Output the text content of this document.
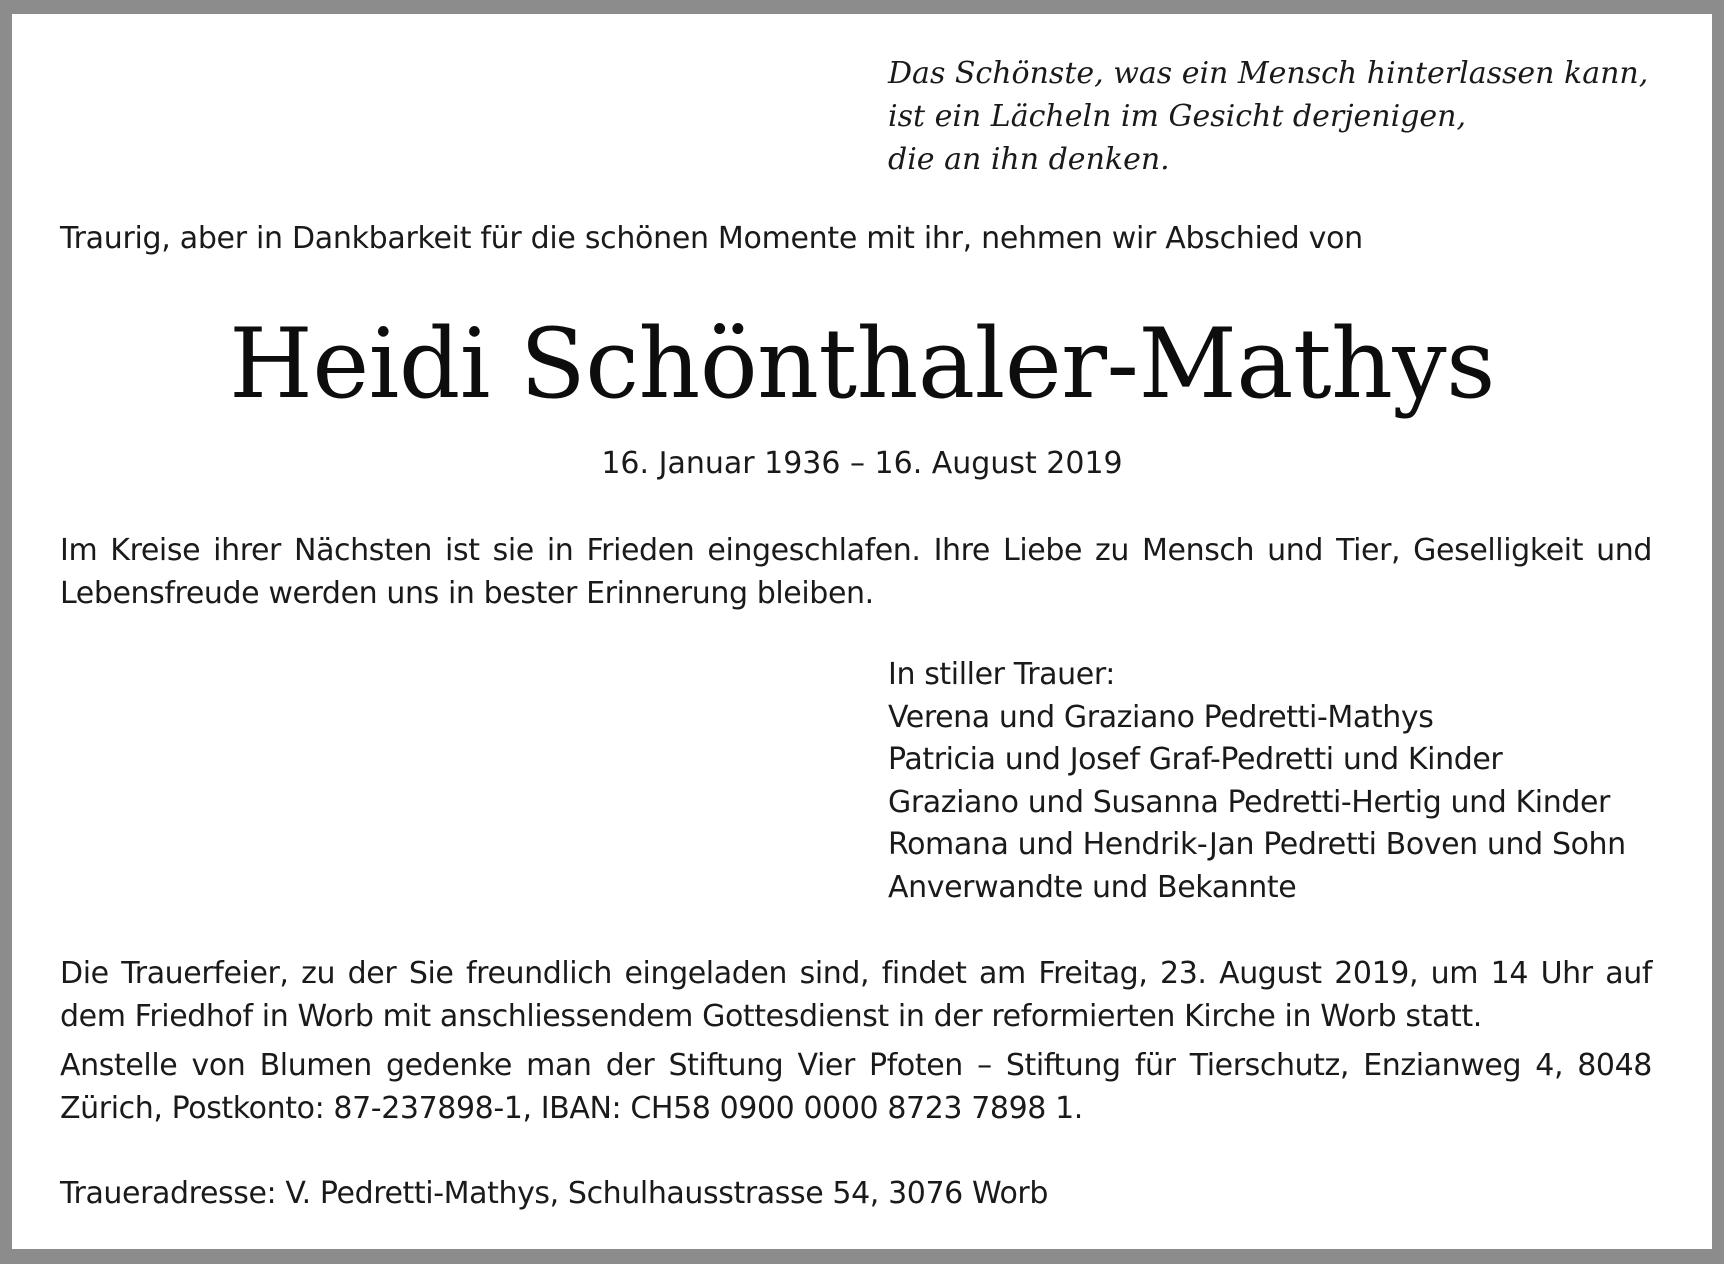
Das Schönste, was ein Mensch hinterlassen kann,
ist ein Lächeln im Gesicht derjenigen,
die an ihn denken.
Traurig, aber in Dankbarkeit für die schönen Momente mit ihr, nehmen wir Abschied von
Heidi Schönthaler-Mathys
16. Januar 1936 – 16. August 2019
Im Kreise ihrer Nächsten ist sie in Frieden eingeschlafen. Ihre Liebe zu Mensch und Tier, Geselligkeit und Lebensfreude werden uns in bester Erinnerung bleiben.
In stiller Trauer:
Verena und Graziano Pedretti-Mathys
Patricia und Josef Graf-Pedretti und Kinder
Graziano und Susanna Pedretti-Hertig und Kinder
Romana und Hendrik-Jan Pedretti Boven und Sohn
Anverwandte und Bekannte
Die Trauerfeier, zu der Sie freundlich eingeladen sind, findet am Freitag, 23. August 2019, um 14 Uhr auf dem Friedhof in Worb mit anschliessendem Gottesdienst in der reformierten Kirche in Worb statt.
Anstelle von Blumen gedenke man der Stiftung Vier Pfoten – Stiftung für Tierschutz, Enzianweg 4, 8048 Zürich, Postkonto: 87-237898-1, IBAN: CH58 0900 0000 8723 7898 1.
Traueradresse: V. Pedretti-Mathys, Schulhausstrasse 54, 3076 Worb
